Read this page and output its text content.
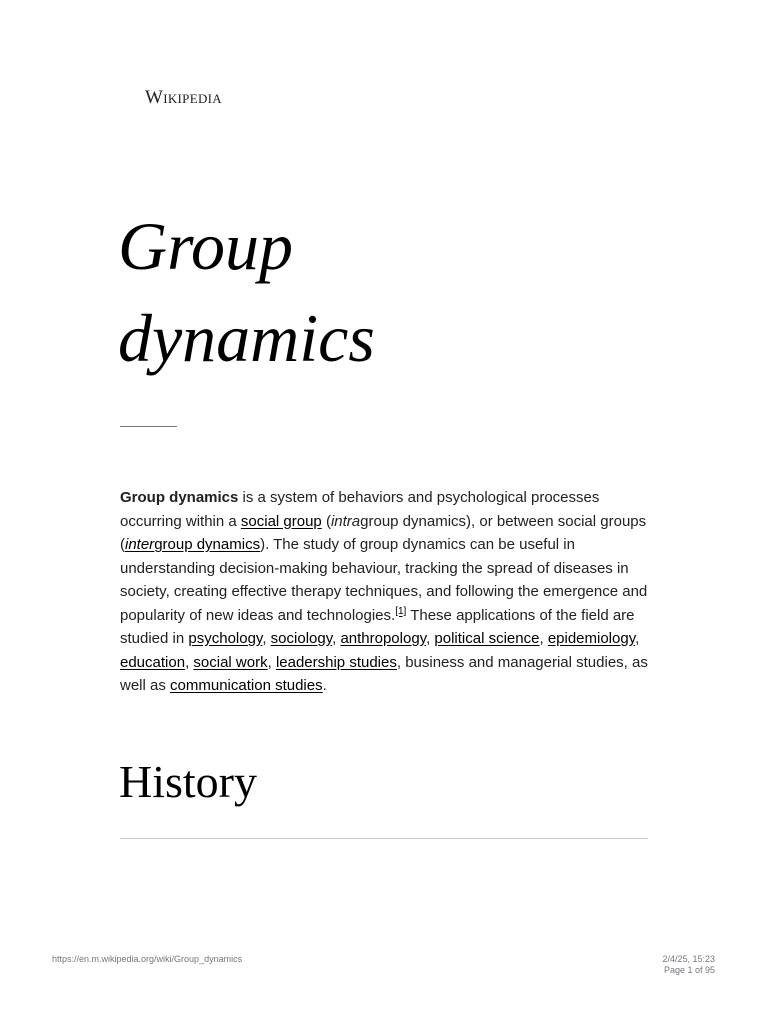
Wikipedia
Group
dynamics

Group dynamics is a system of behaviors and psychological processes occurring within a social group (intragroup dynamics), or between social groups (intergroup dynamics). The study of group dynamics can be useful in understanding decision-making behaviour, tracking the spread of diseases in society, creating effective therapy techniques, and following the emergence and popularity of new ideas and technologies.[1] These applications of the field are studied in psychology, sociology, anthropology, political science, epidemiology, education, social work, leadership studies, business and managerial studies, as well as communication studies.

History
https://en.m.wikipedia.org/wiki/Group_dynamics	2/4/25, 15:23
Page 1 of 95
